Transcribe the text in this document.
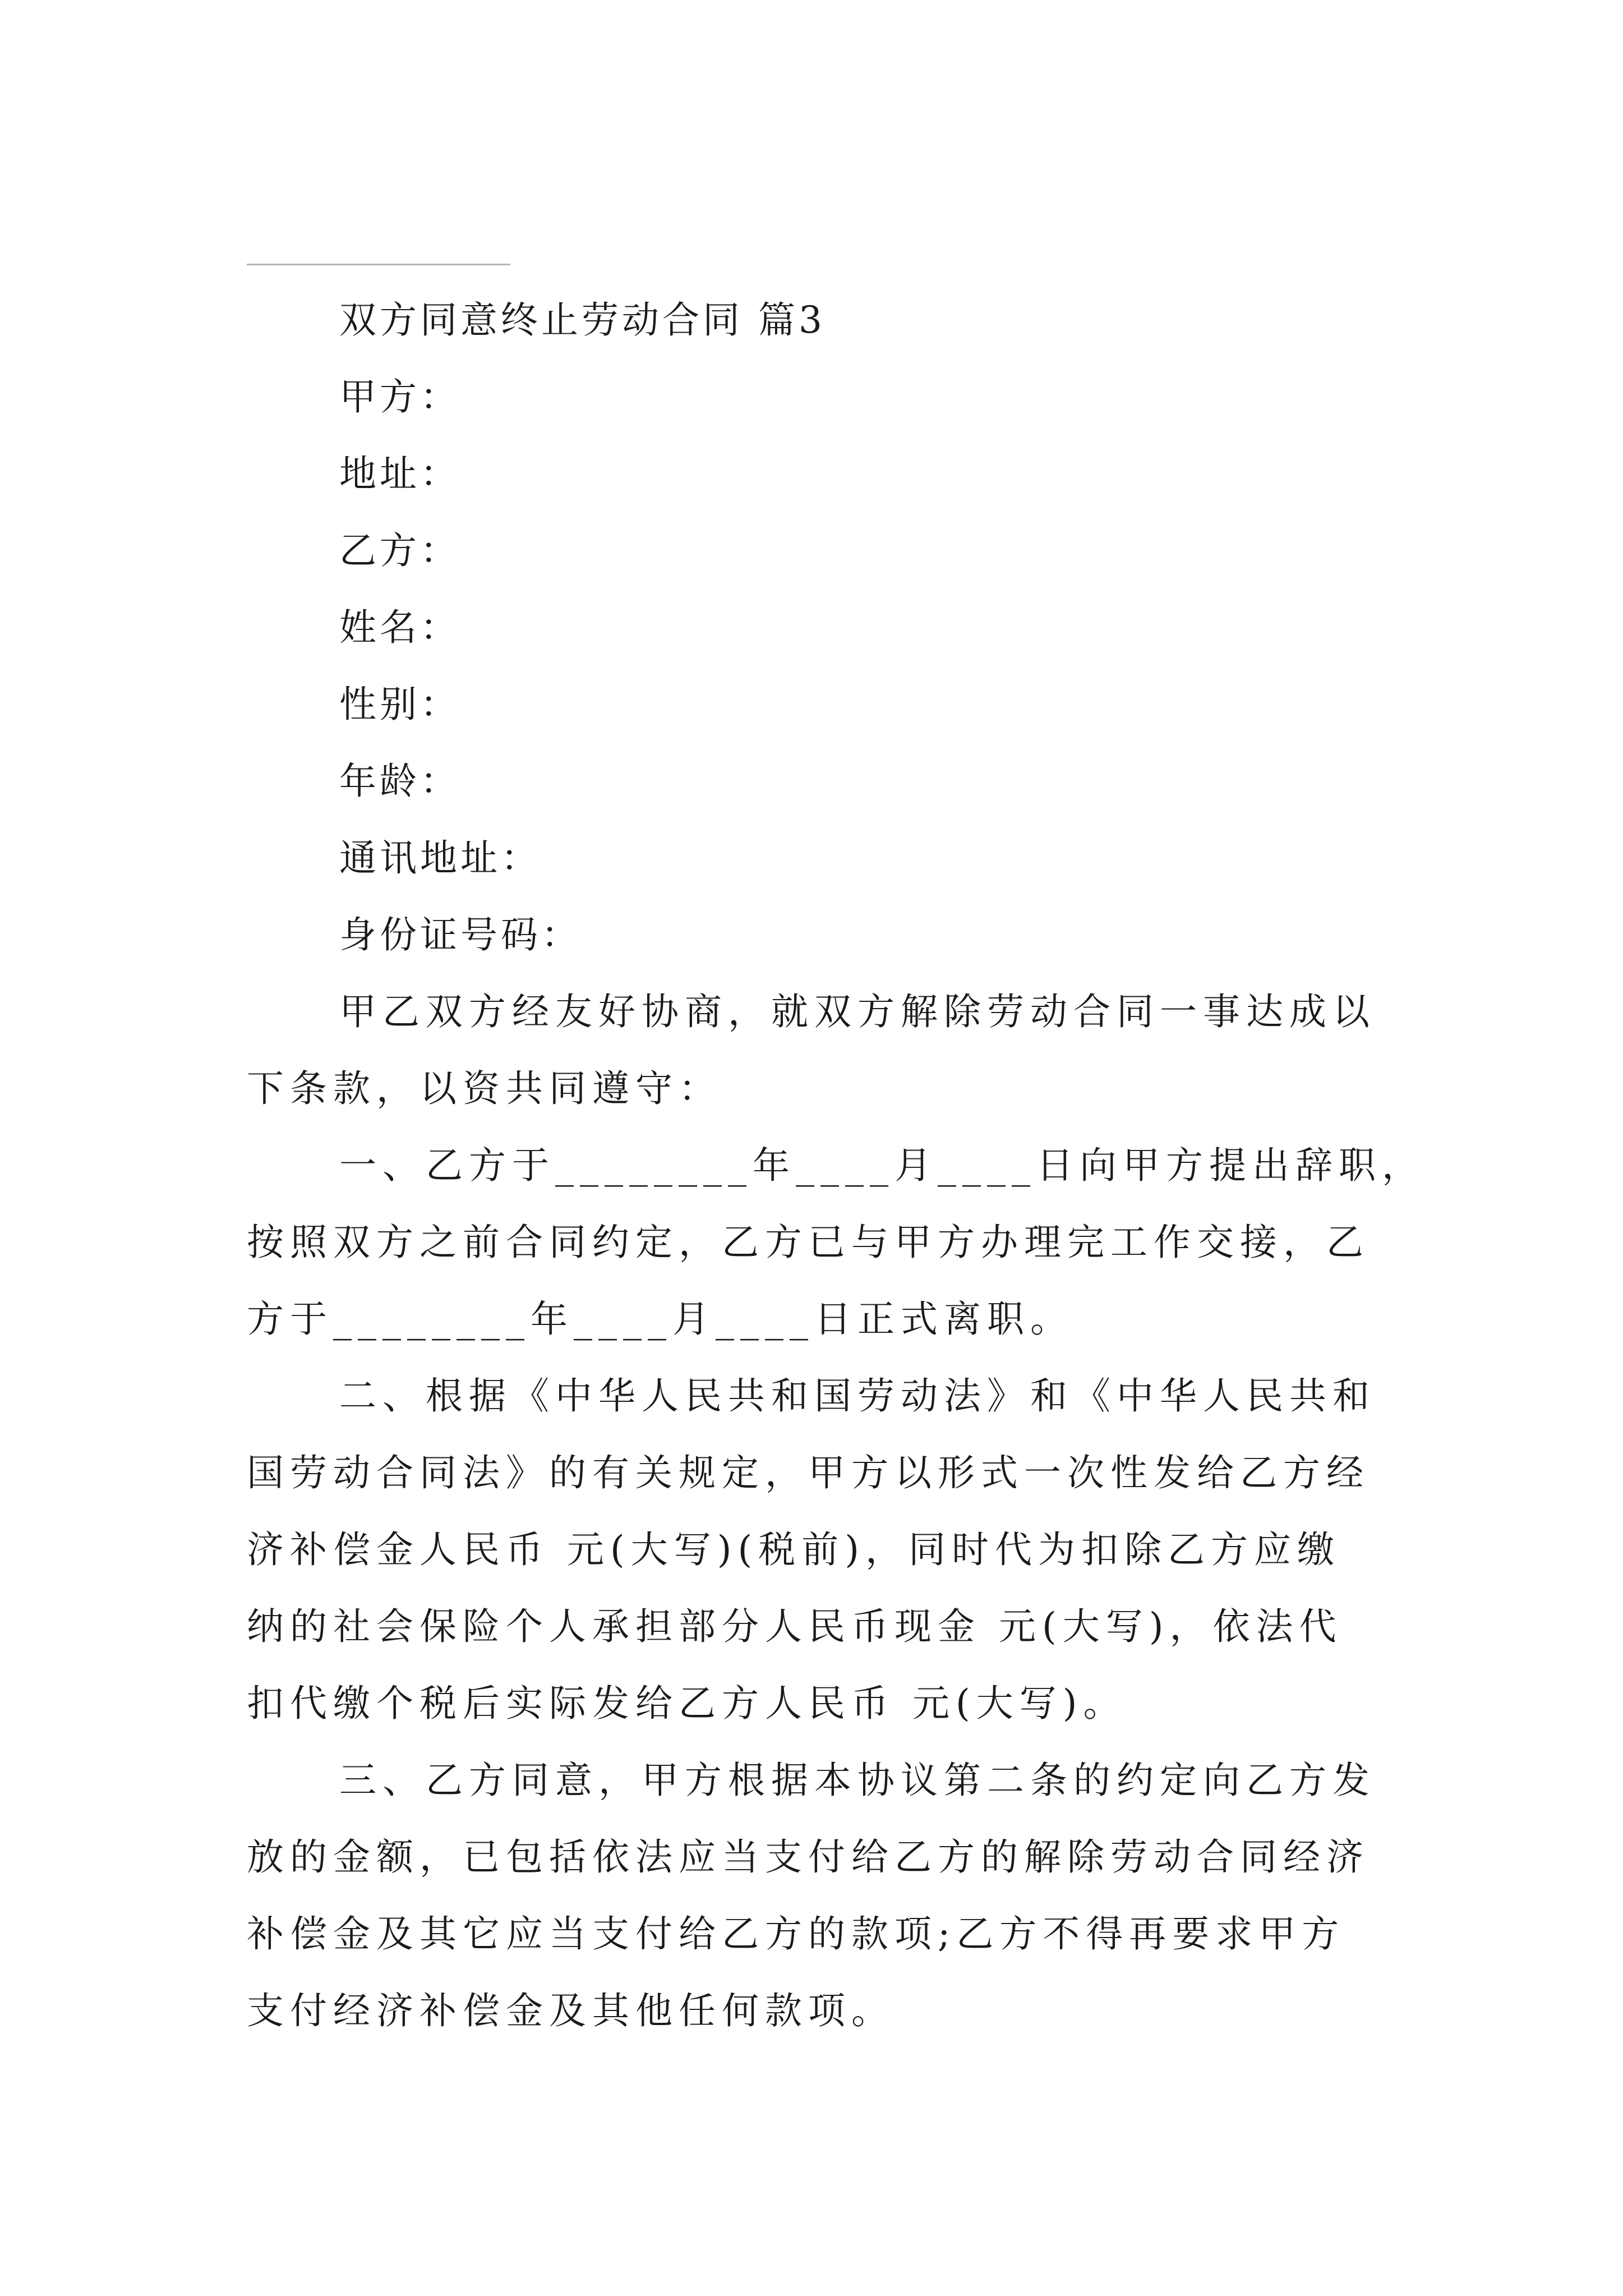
双方同意终止劳动合同 篇3
甲方：
地址：
乙方：
姓名：
性别：
年龄：
通讯地址：
身份证号码：
甲乙双方经友好协商，就双方解除劳动合同一事达成以
下条款，以资共同遵守：
一、乙方于________年____月____日向甲方提出辞职，
按照双方之前合同约定，乙方已与甲方办理完工作交接，乙
方于________年____月____日正式离职。
二、根据《中华人民共和国劳动法》和《中华人民共和
国劳动合同法》的有关规定，甲方以形式一次性发给乙方经
济补偿金人民币 元(大写)(税前)，同时代为扣除乙方应缴
纳的社会保险个人承担部分人民币现金 元(大写)，依法代
扣代缴个税后实际发给乙方人民币 元(大写)。
三、乙方同意，甲方根据本协议第二条的约定向乙方发
放的金额，已包括依法应当支付给乙方的解除劳动合同经济
补偿金及其它应当支付给乙方的款项;乙方不得再要求甲方
支付经济补偿金及其他任何款项。
